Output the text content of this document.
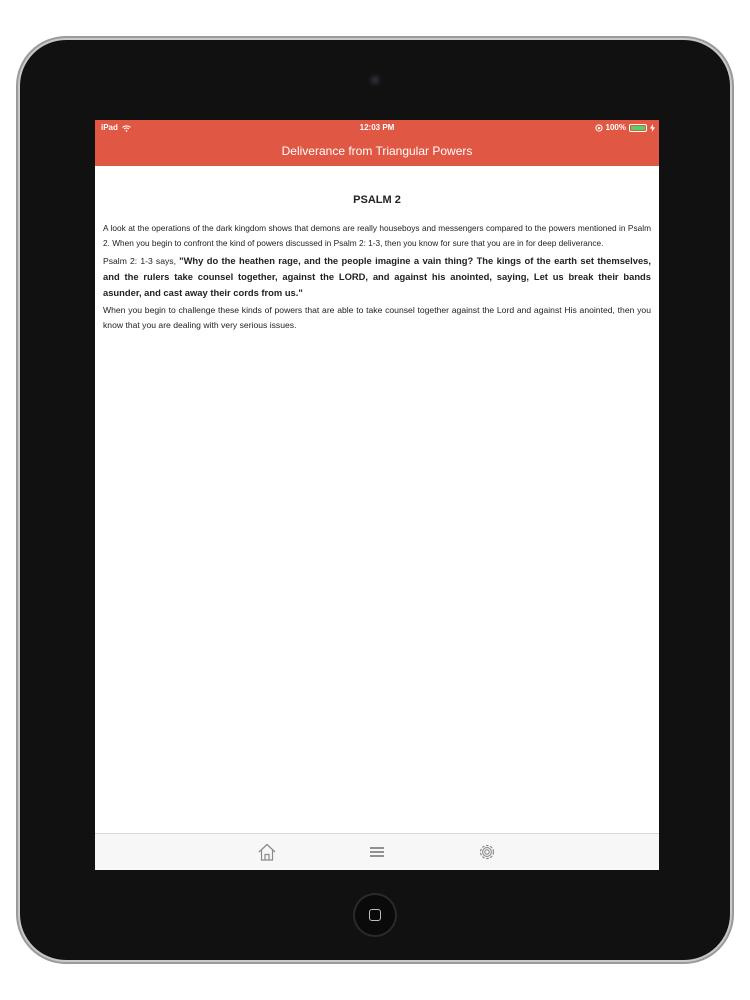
iPad	12:03 PM	100%
Deliverance from Triangular Powers
PSALM 2

A look at the operations of the dark kingdom shows that demons are really houseboys and messengers compared to the powers mentioned in Psalm 2. When you begin to confront the kind of powers discussed in Psalm 2: 1-3, then you know for sure that you are in for deep deliverance.

Psalm 2: 1-3 says, "Why do the heathen rage, and the people imagine a vain thing? The kings of the earth set themselves, and the rulers take counsel together, against the LORD, and against his anointed, saying, Let us break their bands asunder, and cast away their cords from us."

When you begin to challenge these kinds of powers that are able to take counsel together against the Lord and against His anointed, then you know that you are dealing with very serious issues.
